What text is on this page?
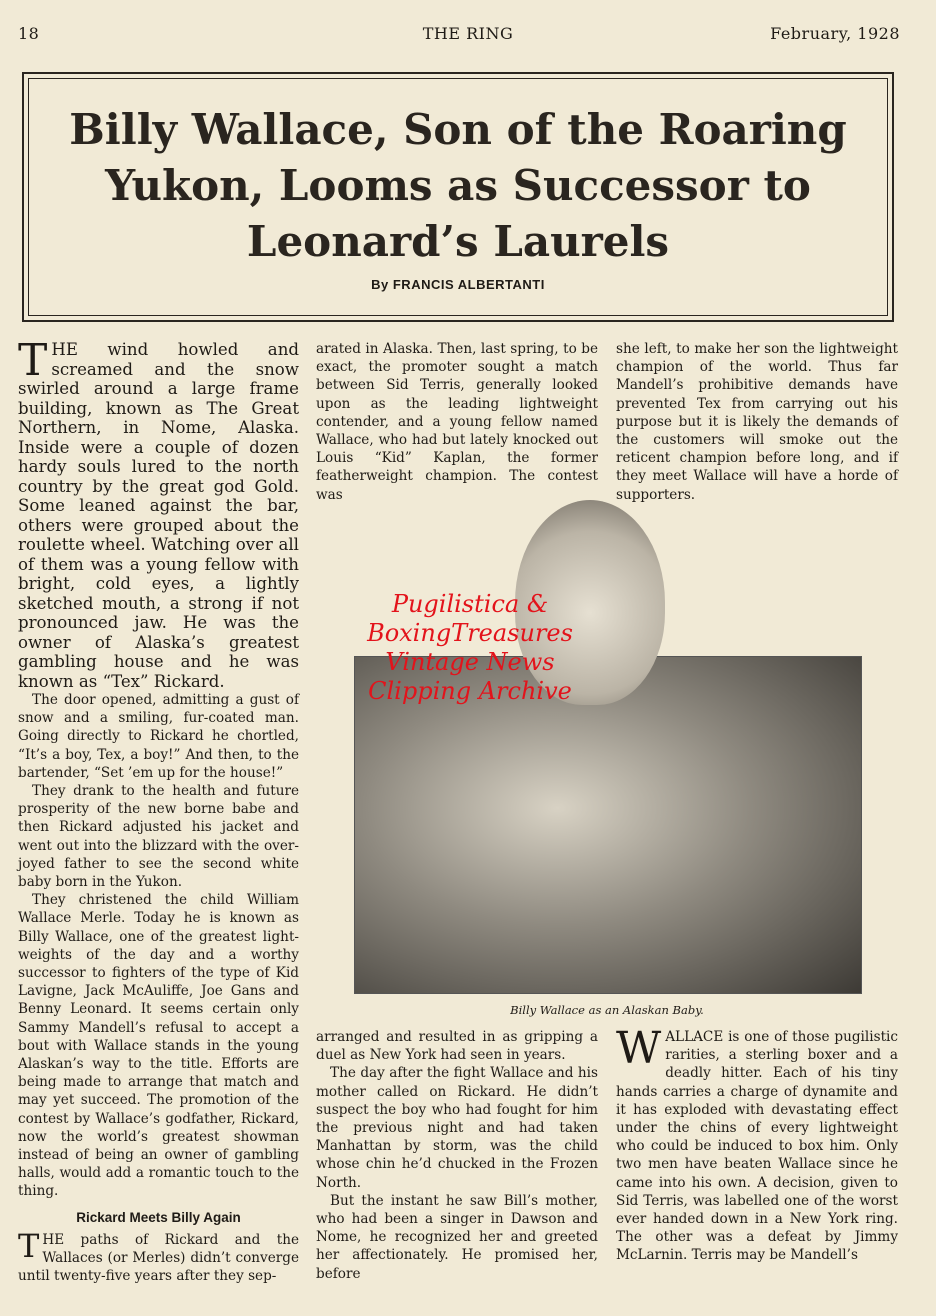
18	THE RING	February, 1928
Billy Wallace, Son of the Roaring
Yukon, Looms as Successor to
Leonard’s Laurels
By FRANCIS ALBERTANTI
THE wind howled and screamed and the snow swirled around a large frame building, known as The Great Northern, in Nome, Alaska. Inside were a couple of dozen hardy souls lured to the north country by the great god Gold. Some leaned against the bar, others were grouped about the roulette wheel. Watching over all of them was a young fellow with bright, cold eyes, a lightly sketched mouth, a strong if not pronounced jaw. He was the owner of Alaska’s greatest gambling house and he was known as “Tex” Rickard.

The door opened, admitting a gust of snow and a smiling, fur-coated man. Going directly to Rickard he chortled, “It’s a boy, Tex, a boy!” And then, to the bartender, “Set ’em up for the house!”

They drank to the health and future prosperity of the new borne babe and then Rickard adjusted his jacket and went out into the blizzard with the over-joyed father to see the second white baby born in the Yukon.

They christened the child William Wallace Merle. Today he is known as Billy Wallace, one of the greatest light-weights of the day and a worthy successor to fighters of the type of Kid Lavigne, Jack McAuliffe, Joe Gans and Benny Leonard. It seems certain only Sammy Mandell’s refusal to accept a bout with Wallace stands in the young Alaskan’s way to the title. Efforts are being made to arrange that match and may yet succeed. The promotion of the contest by Wallace’s godfather, Rickard, now the world’s greatest showman instead of being an owner of gambling halls, would add a romantic touch to the thing.

Rickard Meets Billy Again
THE paths of Rickard and the Wallaces (or Merles) didn’t converge until twenty-five years after they sep-
arated in Alaska. Then, last spring, to be exact, the promoter sought a match between Sid Terris, generally looked upon as the leading lightweight contender, and a young fellow named Wallace, who had but lately knocked out Louis “Kid” Kaplan, the former featherweight champion. The contest was
she left, to make her son the lightweight champion of the world. Thus far Mandell’s prohibitive demands have prevented Tex from carrying out his purpose but it is likely the demands of the customers will smoke out the reticent champion before long, and if they meet Wallace will have a horde of supporters.
Billy Wallace as an Alaskan Baby.
Pugilistica &
BoxingTreasures
Vintage News
Clipping Archive
arranged and resulted in as gripping a duel as New York had seen in years.

The day after the fight Wallace and his mother called on Rickard. He didn’t suspect the boy who had fought for him the previous night and had taken Manhattan by storm, was the child whose chin he’d chucked in the Frozen North.

But the instant he saw Bill’s mother, who had been a singer in Dawson and Nome, he recognized her and greeted her affectionately. He promised her, before

WALLACE is one of those pugilistic rarities, a sterling boxer and a deadly hitter. Each of his tiny hands carries a charge of dynamite and it has exploded with devastating effect under the chins of every lightweight who could be induced to box him. Only two men have beaten Wallace since he came into his own. A decision, given to Sid Terris, was labelled one of the worst ever handed down in a New York ring. The other was a defeat by Jimmy McLarnin. Terris may be Mandell’s
